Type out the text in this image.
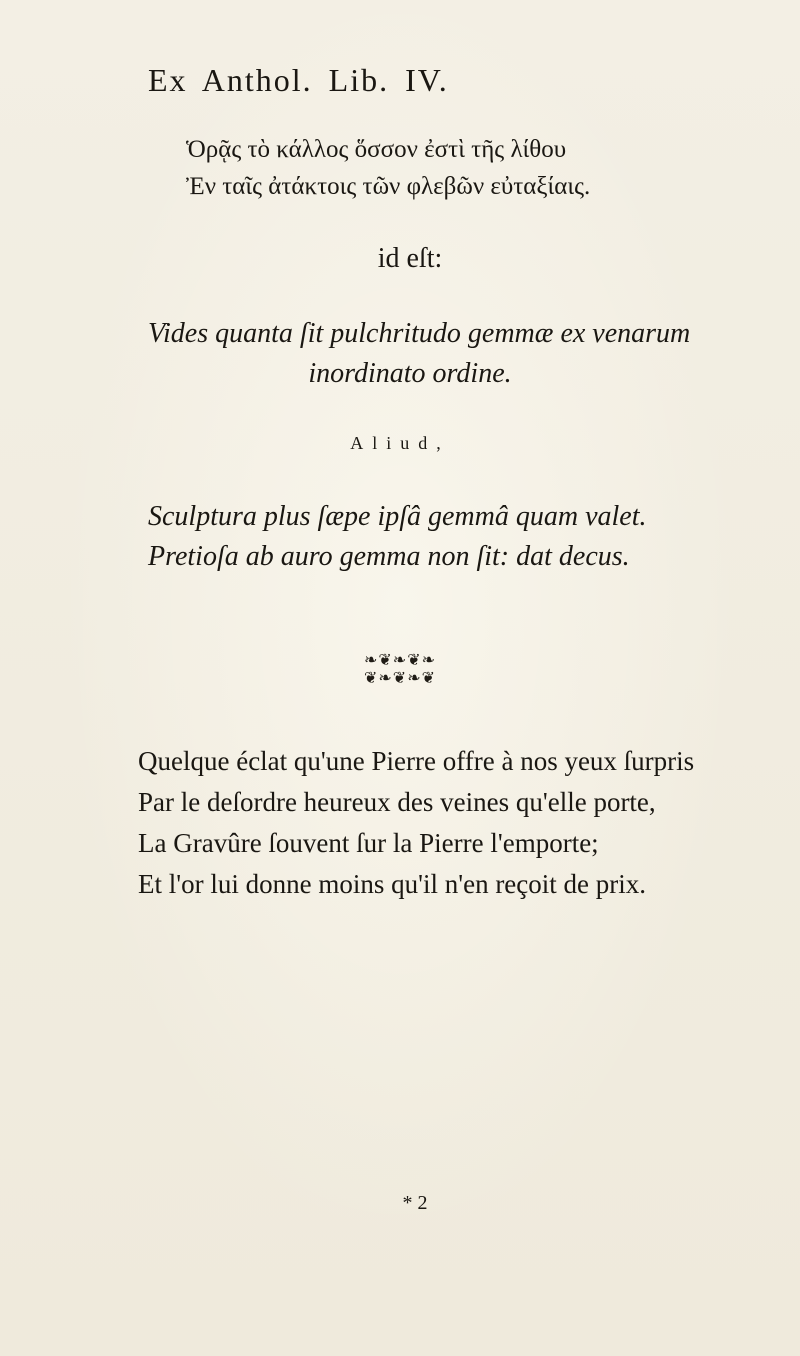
Ex Anthol. Lib. IV.
Ὁρᾷς τὸ κάλλος ὅσσον ἐστὶ τῆς λίθου
Ἐν ταῖς ἀτάκτοις τῶν φλεβῶν εὐταξίαις.
id eſt:
Vides quanta ſit pulchritudo gemmæ ex venarum
inordinato ordine.
Aliud,
Sculptura plus ſæpe ipſâ gemmâ quam valet.
Pretioſa ab auro gemma non ſit: dat decus.
❧❦❧❦❧
❦❧❦❧❦
Quelque éclat qu'une Pierre offre à nos yeux ſurpris
Par le deſordre heureux des veines qu'elle porte,
La Gravûre ſouvent ſur la Pierre l'emporte;
Et l'or lui donne moins qu'il n'en reçoit de prix.
* 2
